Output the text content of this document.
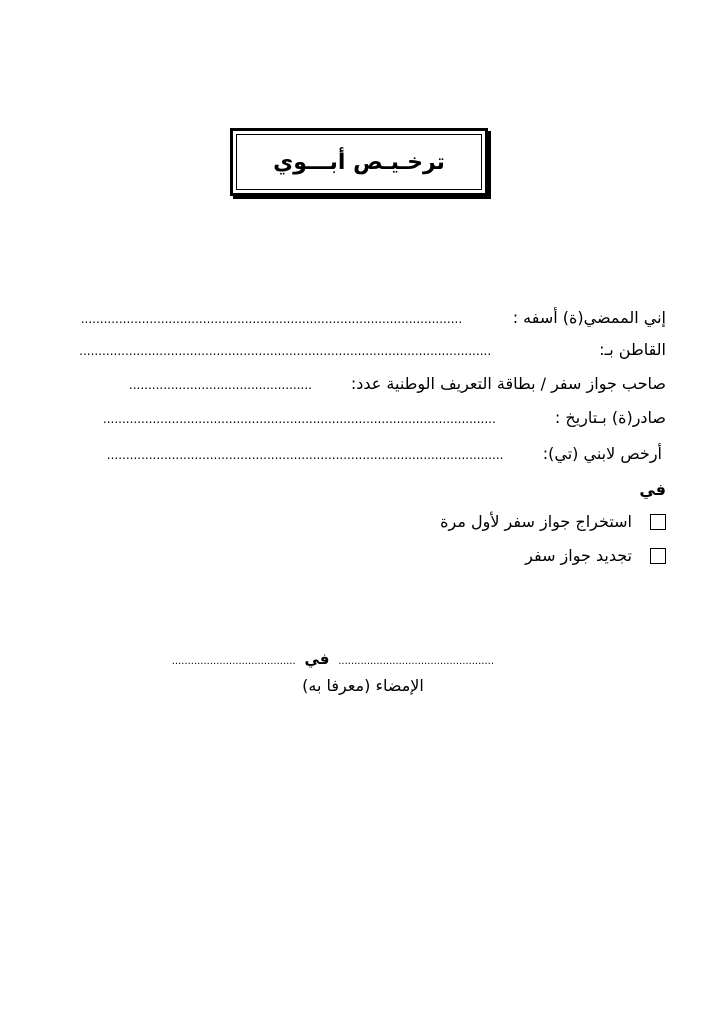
ترخـيـص أبـــوي
إني الممضي(ة) أسفه :
....................................................................................................
القاطن بـ:
............................................................................................................
صاحب جواز سفر / بطاقة التعريف الوطنية عدد:
................................................
صادر(ة) بـتاريخ :
.......................................................................................................
أرخص لابني (تي):
........................................................................................................
في
استخراج جواز سفر لأول مرة
تجديد جواز سفر
................................................. في .......................................
الإمضاء (معرفا به)
